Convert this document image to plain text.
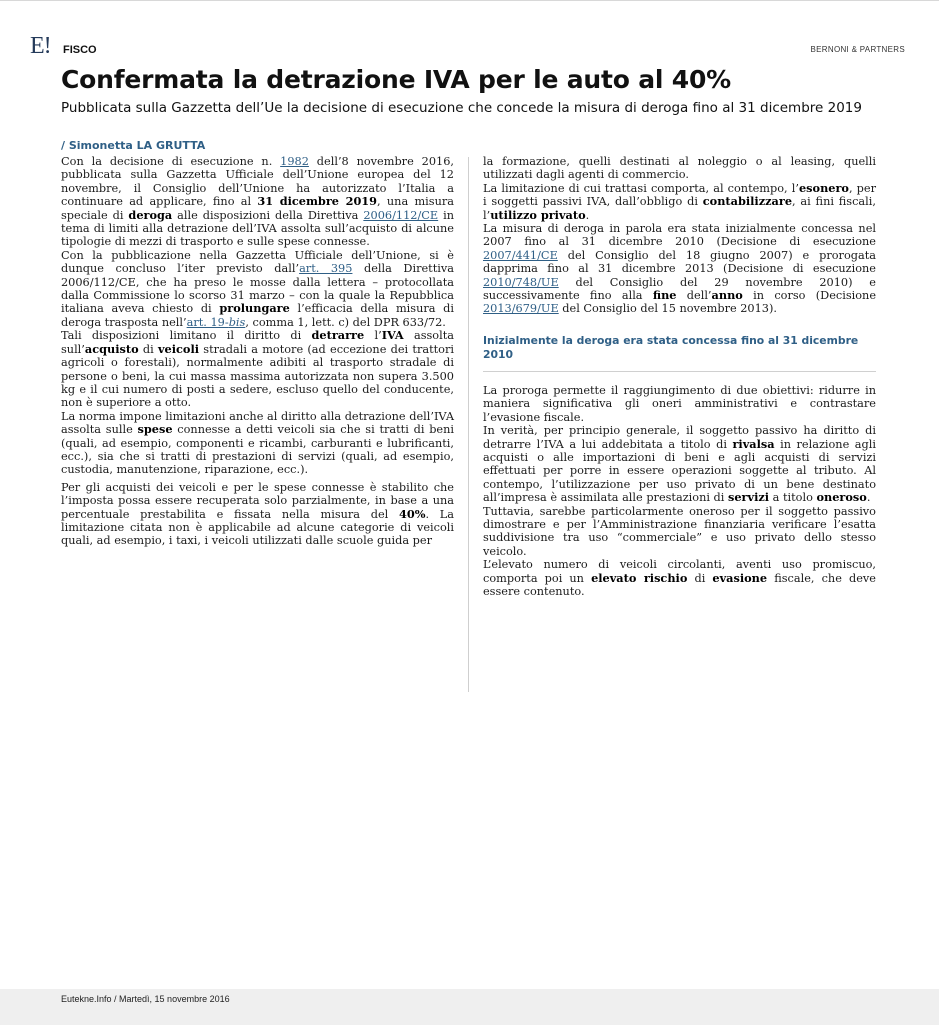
E! FISCO	BERNONI & PARTNERS
Confermata la detrazione IVA per le auto al 40%

Pubblicata sulla Gazzetta dell’Ue la decisione di esecuzione che concede la misura di deroga fino al 31 dicembre 2019

/ Simonetta LA GRUTTA

Con la decisione di esecuzione n. 1982 dell’8 novembre 2016, pubblicata sulla Gazzetta Ufficiale dell’Unione europea del 12 novembre, il Consiglio dell’Unione ha autorizzato l’Italia a continuare ad applicare, fino al 31 dicembre 2019, una misura speciale di deroga alle disposizioni della Direttiva 2006/112/CE in tema di limiti alla detrazione dell’IVA assolta sull’acquisto di alcune tipologie di mezzi di trasporto e sulle spese connesse.

Con la pubblicazione nella Gazzetta Ufficiale dell’Unione, si è dunque concluso l’iter previsto dall’art. 395 della Direttiva 2006/112/CE, che ha preso le mosse dalla lettera – protocollata dalla Commissione lo scorso 31 marzo – con la quale la Repubblica italiana aveva chiesto di prolungare l’efficacia della misura di deroga trasposta nell’art. 19-bis, comma 1, lett. c) del DPR 633/72.

Tali disposizioni limitano il diritto di detrarre l’IVA assolta sull’acquisto di veicoli stradali a motore (ad eccezione dei trattori agricoli o forestali), normalmente adibiti al trasporto stradale di persone o beni, la cui massa massima autorizzata non supera 3.500 kg e il cui numero di posti a sedere, escluso quello del conducente, non è superiore a otto.

La norma impone limitazioni anche al diritto alla detrazione dell’IVA assolta sulle spese connesse a detti veicoli sia che si tratti di beni (quali, ad esempio, componenti e ricambi, carburanti e lubrificanti, ecc.), sia che si tratti di prestazioni di servizi (quali, ad esempio, custodia, manutenzione, riparazione, ecc.).

Per gli acquisti dei veicoli e per le spese connesse è stabilito che l’imposta possa essere recuperata solo parzialmente, in base a una percentuale prestabilita e fissata nella misura del 40%. La limitazione citata non è applicabile ad alcune categorie di veicoli quali, ad esempio, i taxi, i veicoli utilizzati dalle scuole guida per

la formazione, quelli destinati al noleggio o al leasing, quelli utilizzati dagli agenti di commercio.

La limitazione di cui trattasi comporta, al contempo, l’esonero, per i soggetti passivi IVA, dall’obbligo di contabilizzare, ai fini fiscali, l’utilizzo privato.

La misura di deroga in parola era stata inizialmente concessa nel 2007 fino al 31 dicembre 2010 (Decisione di esecuzione 2007/441/CE del Consiglio del 18 giugno 2007) e prorogata dapprima fino al 31 dicembre 2013 (Decisione di esecuzione 2010/748/UE del Consiglio del 29 novembre 2010) e successivamente fino alla fine dell’anno in corso (Decisione 2013/679/UE del Consiglio del 15 novembre 2013).

Inizialmente la deroga era stata concessa fino al 31 dicembre 2010

La proroga permette il raggiungimento di due obiettivi: ridurre in maniera significativa gli oneri amministrativi e contrastare l’evasione fiscale.

In verità, per principio generale, il soggetto passivo ha diritto di detrarre l’IVA a lui addebitata a titolo di rivalsa in relazione agli acquisti o alle importazioni di beni e agli acquisti di servizi effettuati per porre in essere operazioni soggette al tributo. Al contempo, l’utilizzazione per uso privato di un bene destinato all’impresa è assimilata alle prestazioni di servizi a titolo oneroso.

Tuttavia, sarebbe particolarmente oneroso per il soggetto passivo dimostrare e per l’Amministrazione finanziaria verificare l’esatta suddivisione tra uso “commerciale” e uso privato dello stesso veicolo.

L’elevato numero di veicoli circolanti, aventi uso promiscuo, comporta poi un elevato rischio di evasione fiscale, che deve essere contenuto.

Eutekne.Info / Martedì, 15 novembre 2016
